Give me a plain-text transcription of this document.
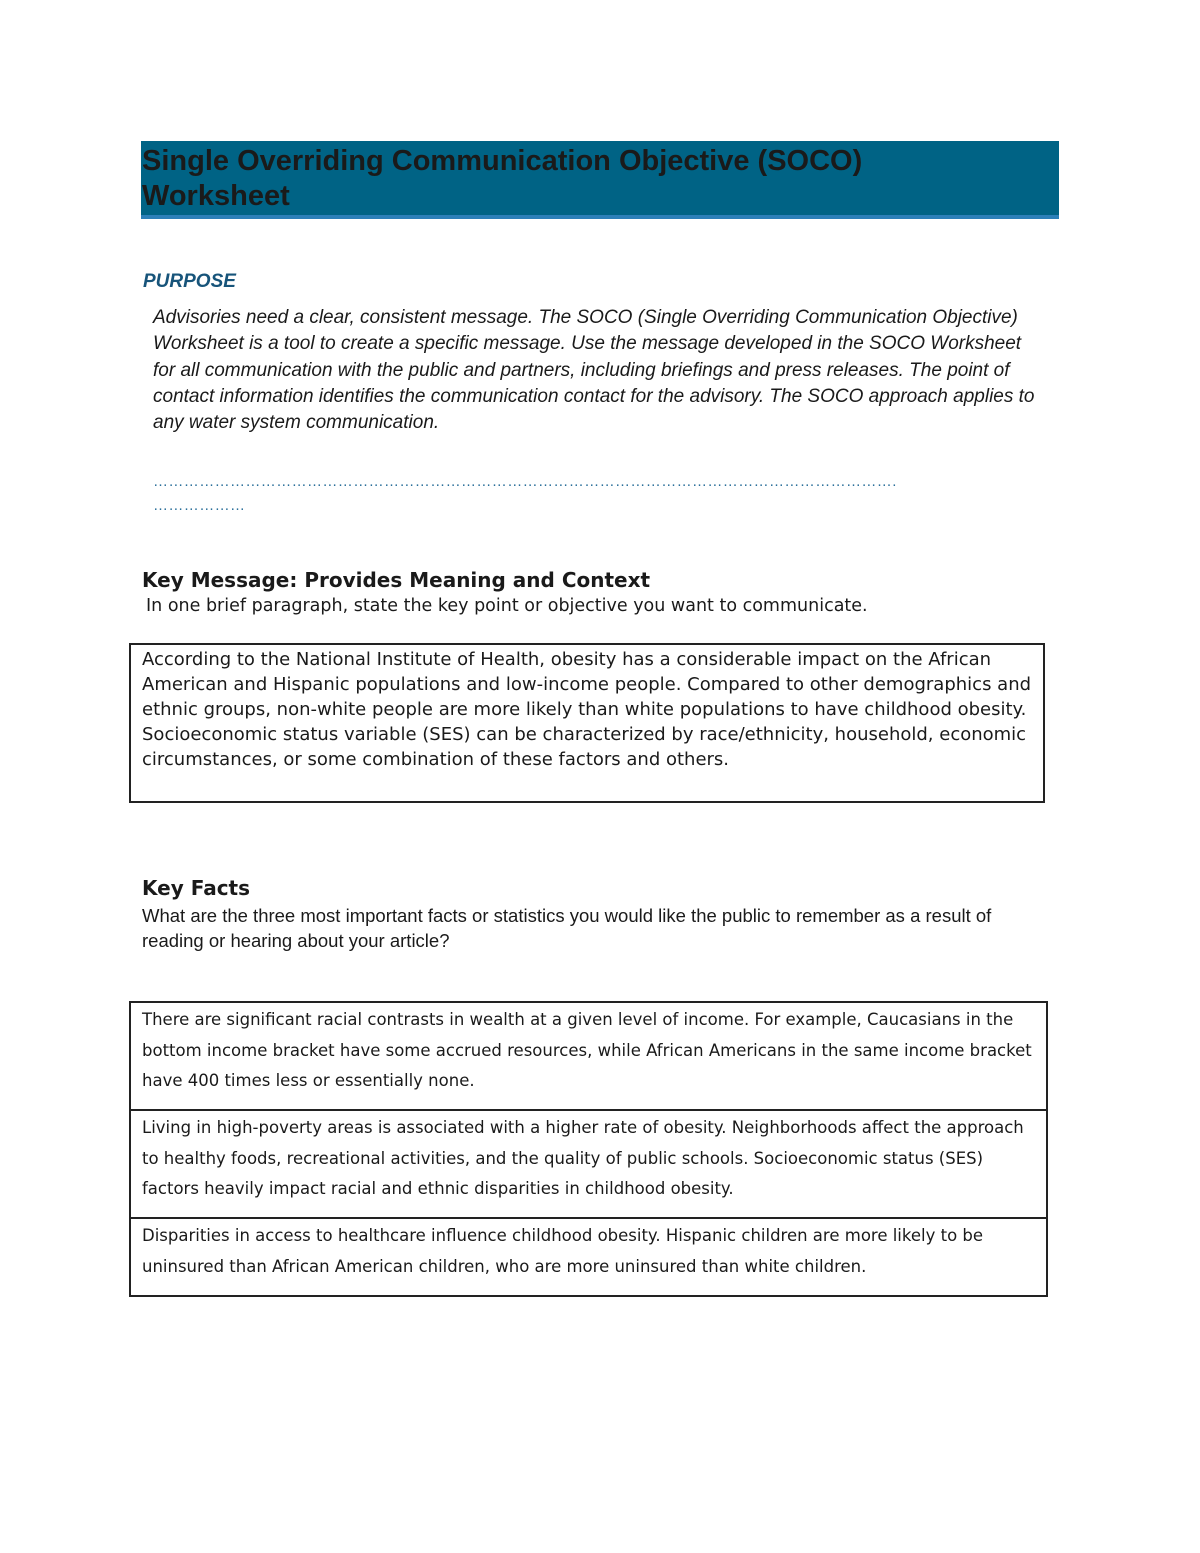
Single Overriding Communication Objective (SOCO)
Worksheet
PURPOSE

Advisories need a clear, consistent message. The SOCO (Single Overriding Communication Objective) Worksheet is a tool to create a specific message. Use the message developed in the SOCO Worksheet for all communication with the public and partners, including briefings and press releases. The point of contact information identifies the communication contact for the advisory. The SOCO approach applies to any water system communication.

……………………………………………………………………………………………………………………………….
………………
Key Message: Provides Meaning and Context
In one brief paragraph, state the key point or objective you want to communicate.

According to the National Institute of Health, obesity has a considerable impact on the African American and Hispanic populations and low-income people. Compared to other demographics and ethnic groups, non-white people are more likely than white populations to have childhood obesity. Socioeconomic status variable (SES) can be characterized by race/ethnicity, household, economic circumstances, or some combination of these factors and others.

Key Facts
What are the three most important facts or statistics you would like the public to remember as a result of reading or hearing about your article?

There are significant racial contrasts in wealth at a given level of income. For example, Caucasians in the bottom income bracket have some accrued resources, while African Americans in the same income bracket have 400 times less or essentially none.

Living in high-poverty areas is associated with a higher rate of obesity. Neighborhoods affect the approach to healthy foods, recreational activities, and the quality of public schools. Socioeconomic status (SES) factors heavily impact racial and ethnic disparities in childhood obesity.

Disparities in access to healthcare influence childhood obesity. Hispanic children are more likely to be uninsured than African American children, who are more uninsured than white children.
